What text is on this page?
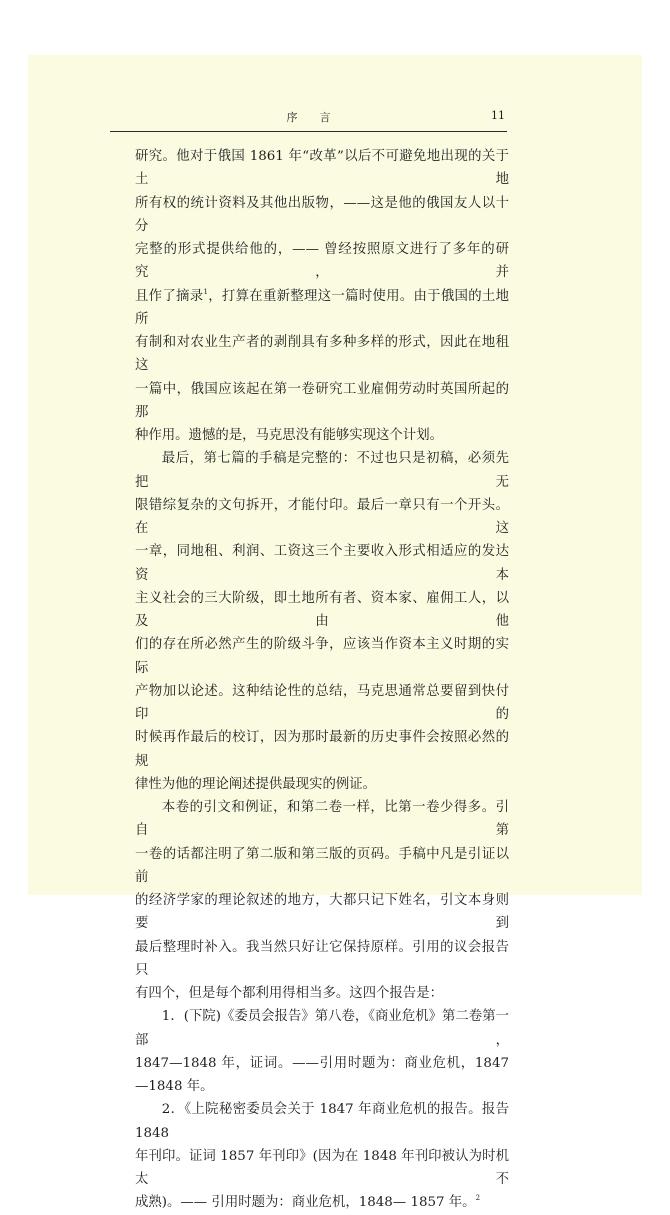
序言	11

研究。他对于俄国 1861 年“改革”以后不可避免地出现的关于土地

所有权的统计资料及其他出版物，——这是他的俄国友人以十分

完整的形式提供给他的，—— 曾经按照原文进行了多年的研究，并

且作了摘录$^1$，打算在重新整理这一篇时使用。由于俄国的土地所

有制和对农业生产者的剥削具有多种多样的形式，因此在地租这

一篇中，俄国应该起在第一卷研究工业雇佣劳动时英国所起的那

种作用。遗憾的是，马克思没有能够实现这个计划。

最后，第七篇的手稿是完整的：不过也只是初稿，必须先把无

限错综复杂的文句拆开，才能付印。最后一章只有一个开头。在这

一章，同地租、利润、工资这三个主要收入形式相适应的发达资本

主义社会的三大阶级，即土地所有者、资本家、雇佣工人，以及由他

们的存在所必然产生的阶级斗争，应该当作资本主义时期的实际

产物加以论述。这种结论性的总结，马克思通常总要留到快付印的

时候再作最后的校订，因为那时最新的历史事件会按照必然的规

律性为他的理论阐述提供最现实的例证。

本卷的引文和例证，和第二卷一样，比第一卷少得多。引自第

一卷的话都注明了第二版和第三版的页码。手稿中凡是引证以前

的经济学家的理论叙述的地方，大都只记下姓名，引文本身则要到

最后整理时补入。我当然只好让它保持原样。引用的议会报告只

有四个，但是每个都利用得相当多。这四个报告是：

1．(下院)《委员会报告》第八卷，《商业危机》第二卷第一部，

1847—1848 年，证词。——引用时题为：商业危机，1847—1848 年。

2．《上院秘密委员会关于 1847 年商业危机的报告。报告 1848

年刊印。证词 1857 年刊印》(因为在 1848 年刊印被认为时机太不

成熟)。—— 引用时题为：商业危机，1848— 1857 年。$^2$
